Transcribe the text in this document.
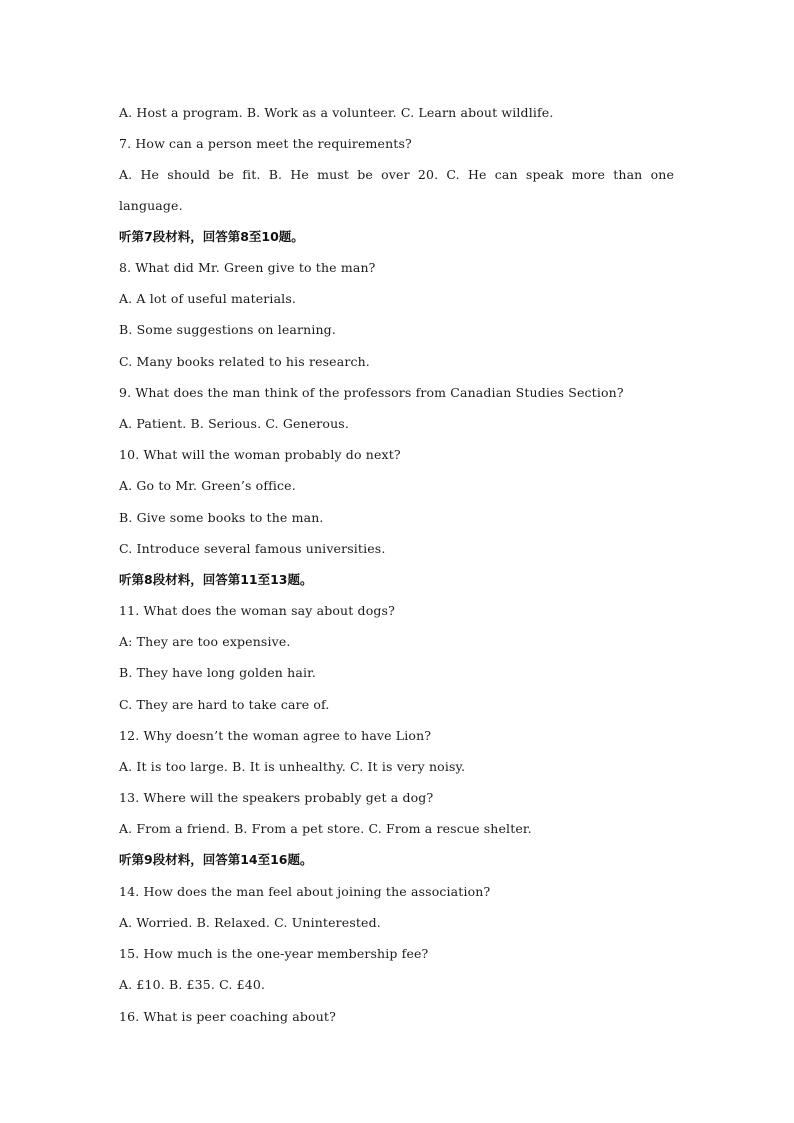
A. Host a program. B. Work as a volunteer. C. Learn about wildlife.

7. How can a person meet the requirements?

A. He should be fit. B. He must be over 20. C. He can speak more than one

language.

听第7段材料，回答第8至10题。

8. What did Mr. Green give to the man?

A. A lot of useful materials.

B. Some suggestions on learning.

C. Many books related to his research.

9. What does the man think of the professors from Canadian Studies Section?

A. Patient. B. Serious. C. Generous.

10. What will the woman probably do next?

A. Go to Mr. Green’s office.

B. Give some books to the man.

C. Introduce several famous universities.

听第8段材料，回答第11至13题。

11. What does the woman say about dogs?

A: They are too expensive.

B. They have long golden hair.

C. They are hard to take care of.

12. Why doesn’t the woman agree to have Lion?

A. It is too large. B. It is unhealthy. C. It is very noisy.

13. Where will the speakers probably get a dog?

A. From a friend. B. From a pet store. C. From a rescue shelter.

听第9段材料，回答第14至16题。

14. How does the man feel about joining the association?

A. Worried. B. Relaxed. C. Uninterested.

15. How much is the one-year membership fee?

A. £10. B. £35. C. £40.

16. What is peer coaching about?
